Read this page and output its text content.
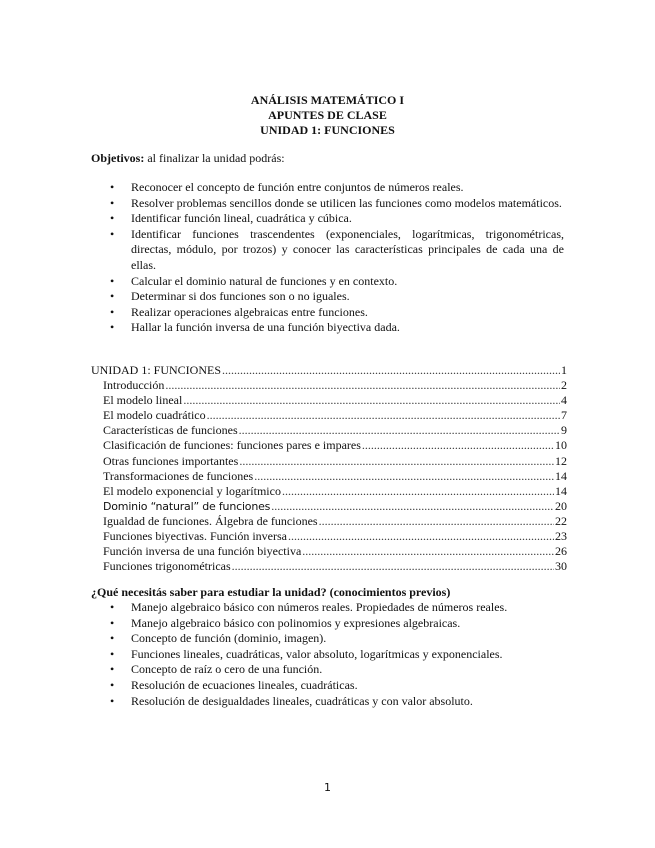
ANÁLISIS MATEMÁTICO I
APUNTES DE CLASE
UNIDAD 1: FUNCIONES
Objetivos: al finalizar la unidad podrás:
• Reconocer el concepto de función entre conjuntos de números reales.
• Resolver problemas sencillos donde se utilicen las funciones como modelos matemáticos.
• Identificar función lineal, cuadrática y cúbica.
• Identificar funciones trascendentes (exponenciales, logarítmicas, trigonométricas, directas, módulo, por trozos) y conocer las características principales de cada una de ellas.
• Calcular el dominio natural de funciones y en contexto.
• Determinar si dos funciones son o no iguales.
• Realizar operaciones algebraicas entre funciones.
• Hallar la función inversa de una función biyectiva dada.
UNIDAD 1: FUNCIONES .....	1
Introducción .....	2
El modelo lineal .....	4
El modelo cuadrático .....	7
Características de funciones .....	9
Clasificación de funciones: funciones pares e impares .....	10
Otras funciones importantes .....	12
Transformaciones de funciones .....	14
El modelo exponencial y logarítmico .....	14
Dominio “natural” de funciones .....	20
Igualdad de funciones. Álgebra de funciones .....	22
Funciones biyectivas. Función inversa .....	23
Función inversa de una función biyectiva .....	26
Funciones trigonométricas .....	30
¿Qué necesitás saber para estudiar la unidad? (conocimientos previos)
• Manejo algebraico básico con números reales. Propiedades de números reales.
• Manejo algebraico básico con polinomios y expresiones algebraicas.
• Concepto de función (dominio, imagen).
• Funciones lineales, cuadráticas, valor absoluto, logarítmicas y exponenciales.
• Concepto de raíz o cero de una función.
• Resolución de ecuaciones lineales, cuadráticas.
• Resolución de desigualdades lineales, cuadráticas y con valor absoluto.
1
